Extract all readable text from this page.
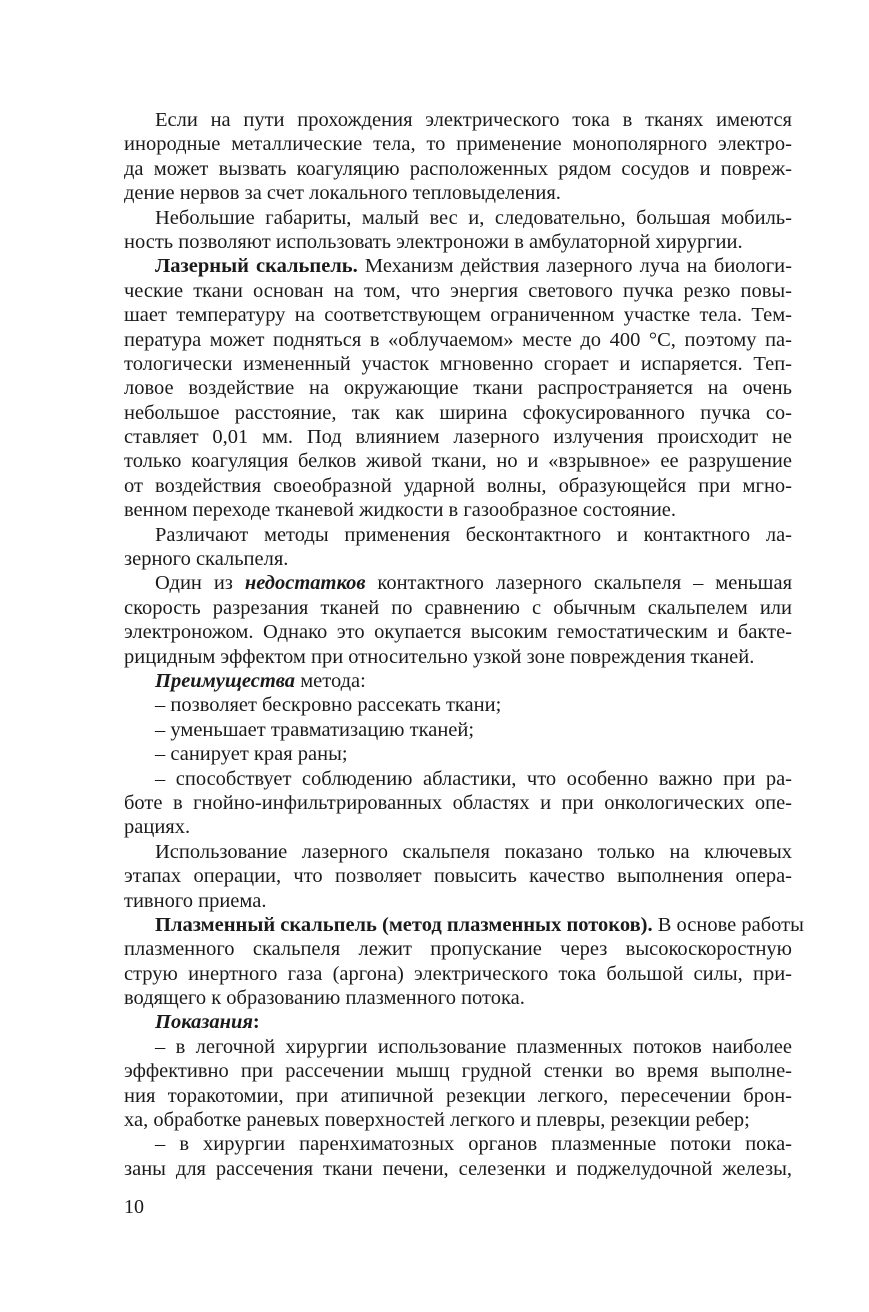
Если на пути прохождения электрического тока в тканях имеются
инородные металлические тела, то применение монополярного электро-
да может вызвать коагуляцию расположенных рядом сосудов и повреж-
дение нервов за счет локального тепловыделения.
Небольшие габариты, малый вес и, следовательно, большая мобиль-
ность позволяют использовать электроножи в амбулаторной хирургии.
Лазерный скальпель. Механизм действия лазерного луча на биологи-
ческие ткани основан на том, что энергия светового пучка резко повы-
шает температуру на соответствующем ограниченном участке тела. Тем-
пература может подняться в «облучаемом» месте до 400 °С, поэтому па-
тологически измененный участок мгновенно сгорает и испаряется. Теп-
ловое воздействие на окружающие ткани распространяется на очень
небольшое расстояние, так как ширина сфокусированного пучка со-
ставляет 0,01 мм. Под влиянием лазерного излучения происходит не
только коагуляция белков живой ткани, но и «взрывное» ее разрушение
от воздействия своеобразной ударной волны, образующейся при мгно-
венном переходе тканевой жидкости в газообразное состояние.
Различают методы применения бесконтактного и контактного ла-
зерного скальпеля.
Один из недостатков контактного лазерного скальпеля – меньшая
скорость разрезания тканей по сравнению с обычным скальпелем или
электроножом. Однако это окупается высоким гемостатическим и бакте-
рицидным эффектом при относительно узкой зоне повреждения тканей.
Преимущества метода:
– позволяет бескровно рассекать ткани;
– уменьшает травматизацию тканей;
– санирует края раны;
– способствует соблюдению абластики, что особенно важно при ра-
боте в гнойно-инфильтрированных областях и при онкологических опе-
рациях.
Использование лазерного скальпеля показано только на ключевых
этапах операции, что позволяет повысить качество выполнения опера-
тивного приема.
Плазменный скальпель (метод плазменных потоков). В основе работы
плазменного скальпеля лежит пропускание через высокоскоростную
струю инертного газа (аргона) электрического тока большой силы, при-
водящего к образованию плазменного потока.
Показания:
– в легочной хирургии использование плазменных потоков наиболее
эффективно при рассечении мышц грудной стенки во время выполне-
ния торакотомии, при атипичной резекции легкого, пересечении брон-
ха, обработке раневых поверхностей легкого и плевры, резекции ребер;
– в хирургии паренхиматозных органов плазменные потоки пока-
заны для рассечения ткани печени, селезенки и поджелудочной железы,
10
